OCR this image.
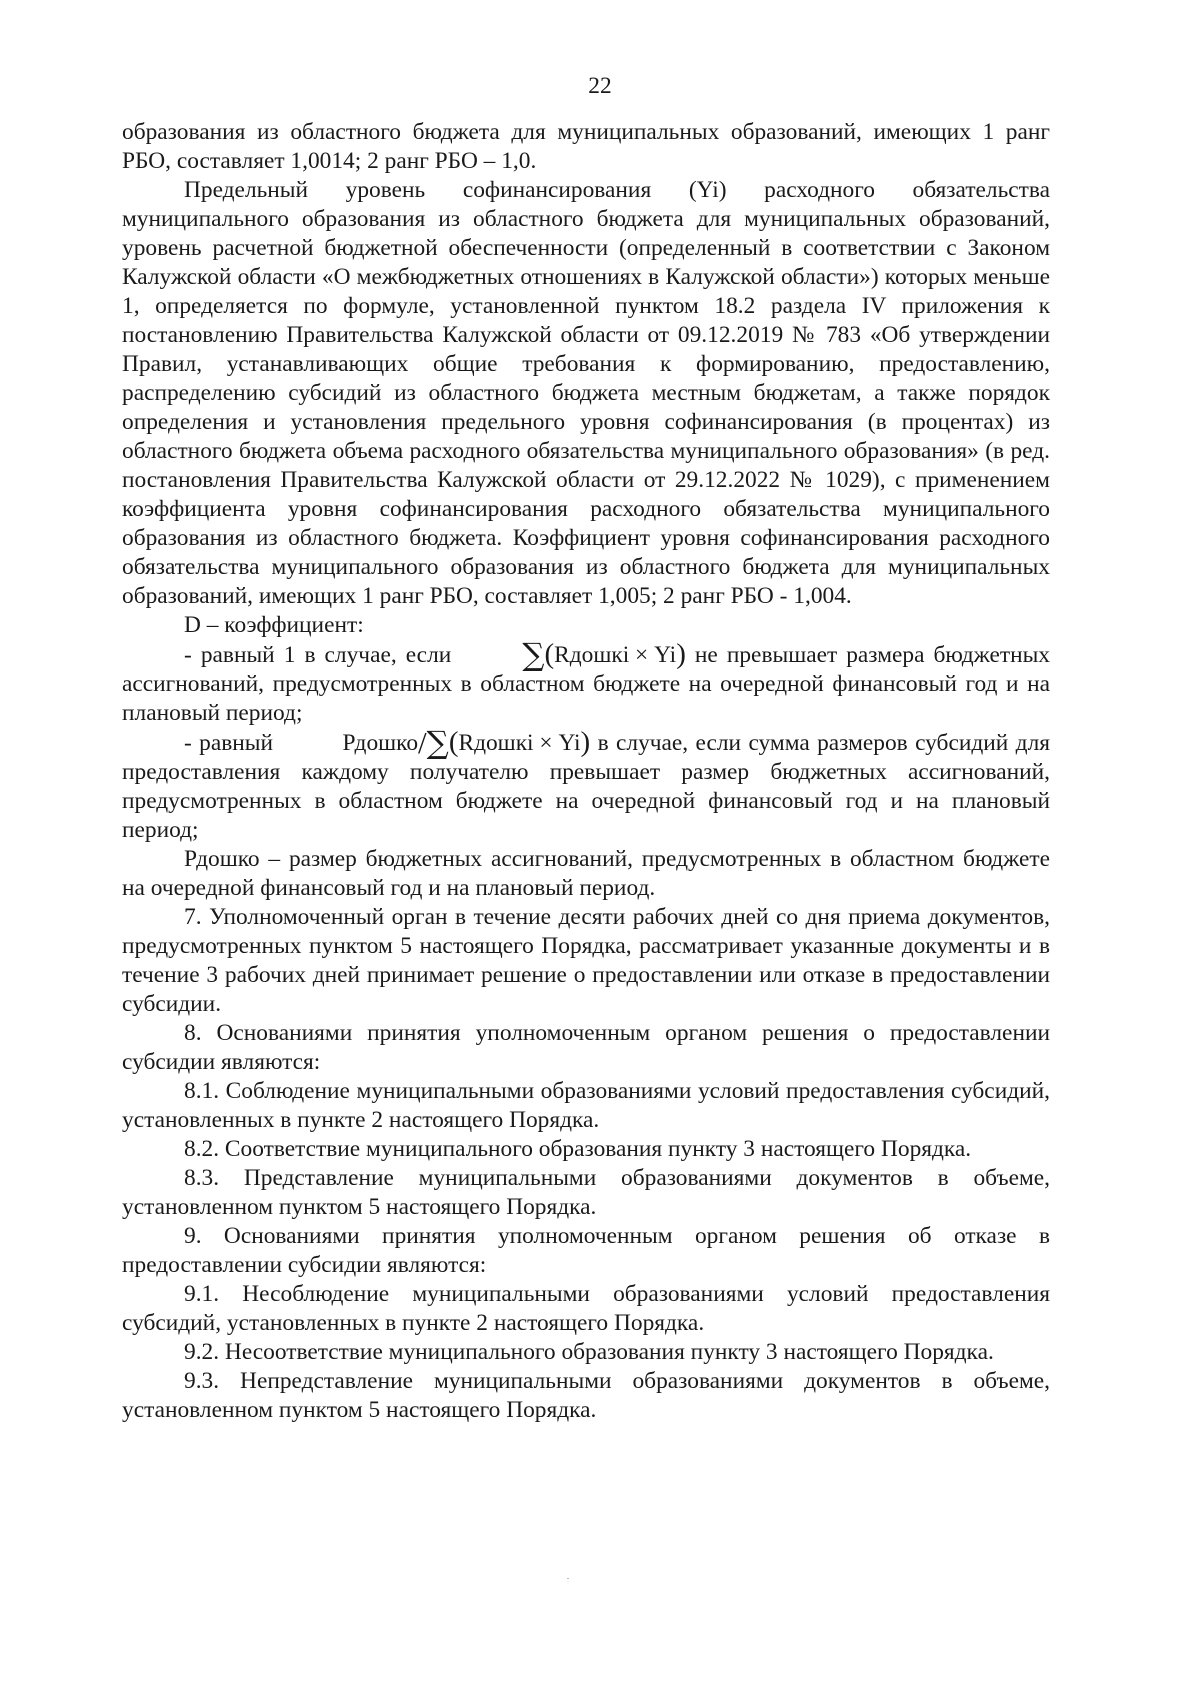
22

образования из областного бюджета для муниципальных образований, имеющих 1 ранг РБО, составляет 1,0014; 2 ранг РБО – 1,0.

Предельный уровень софинансирования (Yi) расходного обязательства муниципального образования из областного бюджета для муниципальных образований, уровень расчетной бюджетной обеспеченности (определенный в соответствии с Законом Калужской области «О межбюджетных отношениях в Калужской области») которых меньше 1, определяется по формуле, установленной пунктом 18.2 раздела IV приложения к постановлению Правительства Калужской области от 09.12.2019 № 783 «Об утверждении Правил, устанавливающих общие требования к формированию, предоставлению, распределению субсидий из областного бюджета местным бюджетам, а также порядок определения и установления предельного уровня софинансирования (в процентах) из областного бюджета объема расходного обязательства муниципального образования» (в ред. постановления Правительства Калужской области от 29.12.2022 № 1029), с применением коэффициента уровня софинансирования расходного обязательства муниципального образования из областного бюджета. Коэффициент уровня софинансирования расходного обязательства муниципального образования из областного бюджета для муниципальных образований, имеющих 1 ранг РБО, составляет 1,005; 2 ранг РБО - 1,004.

D – коэффициент:

- равный 1 в случае, если ∑(Rдошкі × Yi) не превышает размера бюджетных ассигнований, предусмотренных в областном бюджете на очередной финансовый год и на плановый период;

- равный	Рдошко/∑(Rдошкі × Yi) в случае, если сумма размеров субсидий для предоставления каждому получателю превышает размер бюджетных ассигнований, предусмотренных в областном бюджете на очередной финансовый год и на плановый период;

Рдошко – размер бюджетных ассигнований, предусмотренных в областном бюджете на очередной финансовый год и на плановый период.

7. Уполномоченный орган в течение десяти рабочих дней со дня приема документов, предусмотренных пунктом 5 настоящего Порядка, рассматривает указанные документы и в течение 3 рабочих дней принимает решение о предоставлении или отказе в предоставлении субсидии.

8. Основаниями принятия уполномоченным органом решения о предоставлении субсидии являются:

8.1. Соблюдение муниципальными образованиями условий предоставления субсидий, установленных в пункте 2 настоящего Порядка.

8.2. Соответствие муниципального образования пункту 3 настоящего Порядка.

8.3. Представление муниципальными образованиями документов в объеме, установленном пунктом 5 настоящего Порядка.

9. Основаниями принятия уполномоченным органом решения об отказе в предоставлении субсидии являются:

9.1. Несоблюдение муниципальными образованиями условий предоставления субсидий, установленных в пункте 2 настоящего Порядка.

9.2. Несоответствие муниципального образования пункту 3 настоящего Порядка.

9.3. Непредставление муниципальными образованиями документов в объеме, установленном пунктом 5 настоящего Порядка.
